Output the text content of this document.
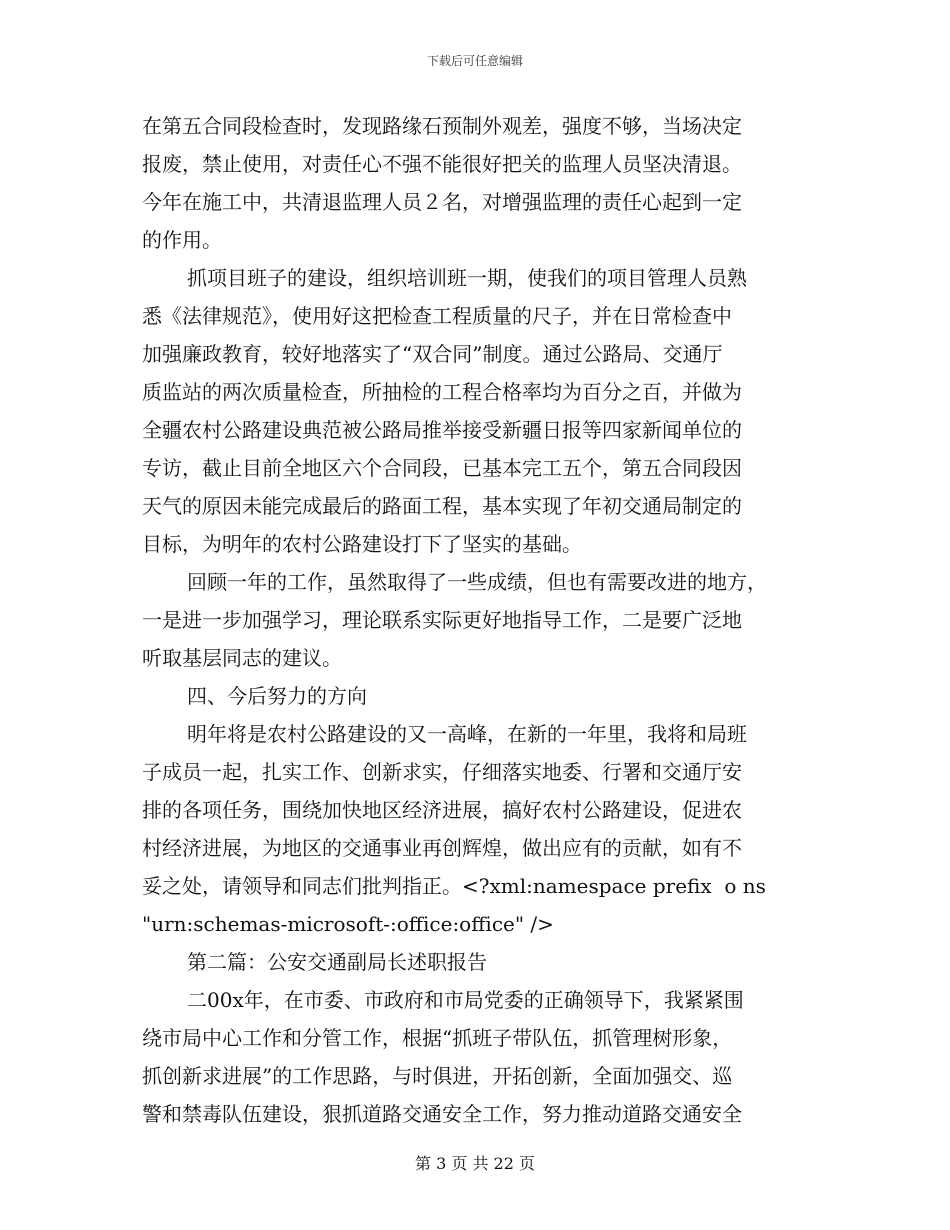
下载后可任意编辑
在第五合同段检查时，发现路缘石预制外观差，强度不够，当场决定
报废，禁止使用，对责任心不强不能很好把关的监理人员坚决清退。
今年在施工中，共清退监理人员２名，对增强监理的责任心起到一定
的作用。
抓项目班子的建设，组织培训班一期，使我们的项目管理人员熟
悉《法律规范》，使用好这把检查工程质量的尺子，并在日常检查中
加强廉政教育，较好地落实了“双合同”制度。通过公路局、交通厅
质监站的两次质量检查，所抽检的工程合格率均为百分之百，并做为
全疆农村公路建设典范被公路局推举接受新疆日报等四家新闻单位的
专访，截止目前全地区六个合同段，已基本完工五个，第五合同段因
天气的原因未能完成最后的路面工程，基本实现了年初交通局制定的
目标，为明年的农村公路建设打下了坚实的基础。
回顾一年的工作，虽然取得了一些成绩，但也有需要改进的地方，
一是进一步加强学习，理论联系实际更好地指导工作，二是要广泛地
听取基层同志的建议。
四、今后努力的方向
明年将是农村公路建设的又一高峰，在新的一年里，我将和局班
子成员一起，扎实工作、创新求实，仔细落实地委、行署和交通厅安
排的各项任务，围绕加快地区经济进展，搞好农村公路建设，促进农
村经济进展，为地区的交通事业再创辉煌，做出应有的贡献，如有不
妥之处，请领导和同志们批判指正。<?xml:namespace prefix  o ns
"urn:schemas-microsoft-:office:office" />
第二篇：公安交通副局长述职报告
二00x年，在市委、市政府和市局党委的正确领导下，我紧紧围
绕市局中心工作和分管工作，根据“抓班子带队伍，抓管理树形象，
抓创新求进展”的工作思路，与时俱进，开拓创新，全面加强交、巡
警和禁毒队伍建设，狠抓道路交通安全工作，努力推动道路交通安全
第 3 页 共 22 页
